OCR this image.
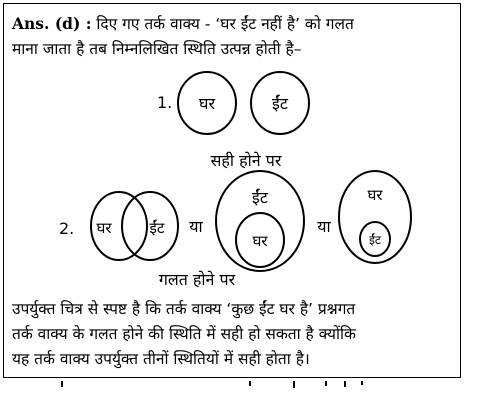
Ans. (d) : दिए गए तर्क वाक्य - ‘घर ईंट नहीं है’ को गलत
माना जाता है तब निम्नलिखित स्थिति उत्पन्न होती है–
1. घर	ईंट
सही होने पर
2. घर	ईंट या
ईंट
घर
या
घर
ईंट
गलत होने पर
उपर्युक्त चित्र से स्पष्ट है कि तर्क वाक्य ‘कुछ ईंट घर है’ प्रश्नगत
तर्क वाक्य के गलत होने की स्थिति में सही हो सकता है क्योंकि
यह तर्क वाक्य उपर्युक्त तीनों स्थितियों में सही होता है।
